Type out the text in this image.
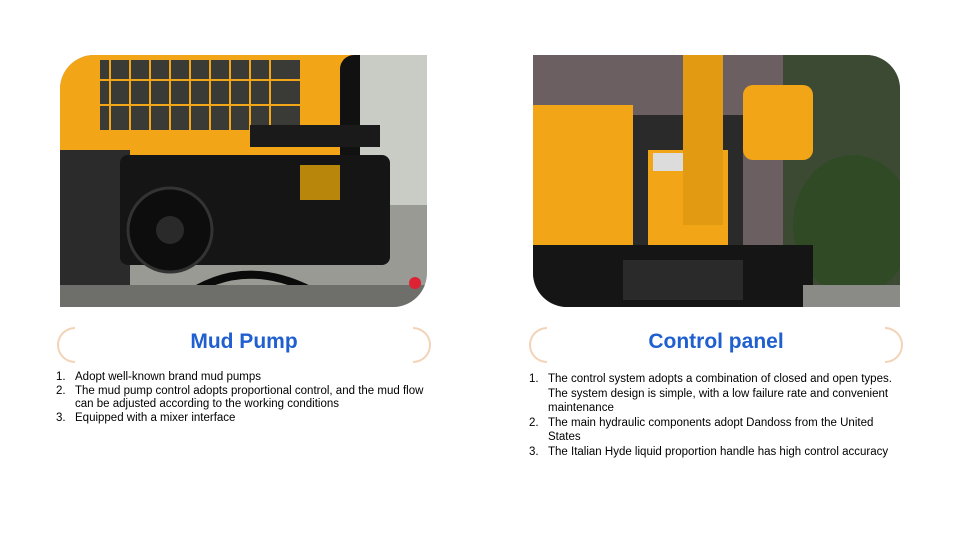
Mud Pump	Control panel
1. Adopt well-known brand mud pumps
2. The mud pump control adopts proportional control, and the mud flow can be adjusted according to the working conditions
3. Equipped with a mixer interface
1. The control system adopts a combination of closed and open types. The system design is simple, with a low failure rate and convenient maintenance
2. The main hydraulic components adopt Dandoss from the United States
3. The Italian Hyde liquid proportion handle has high control accuracy
